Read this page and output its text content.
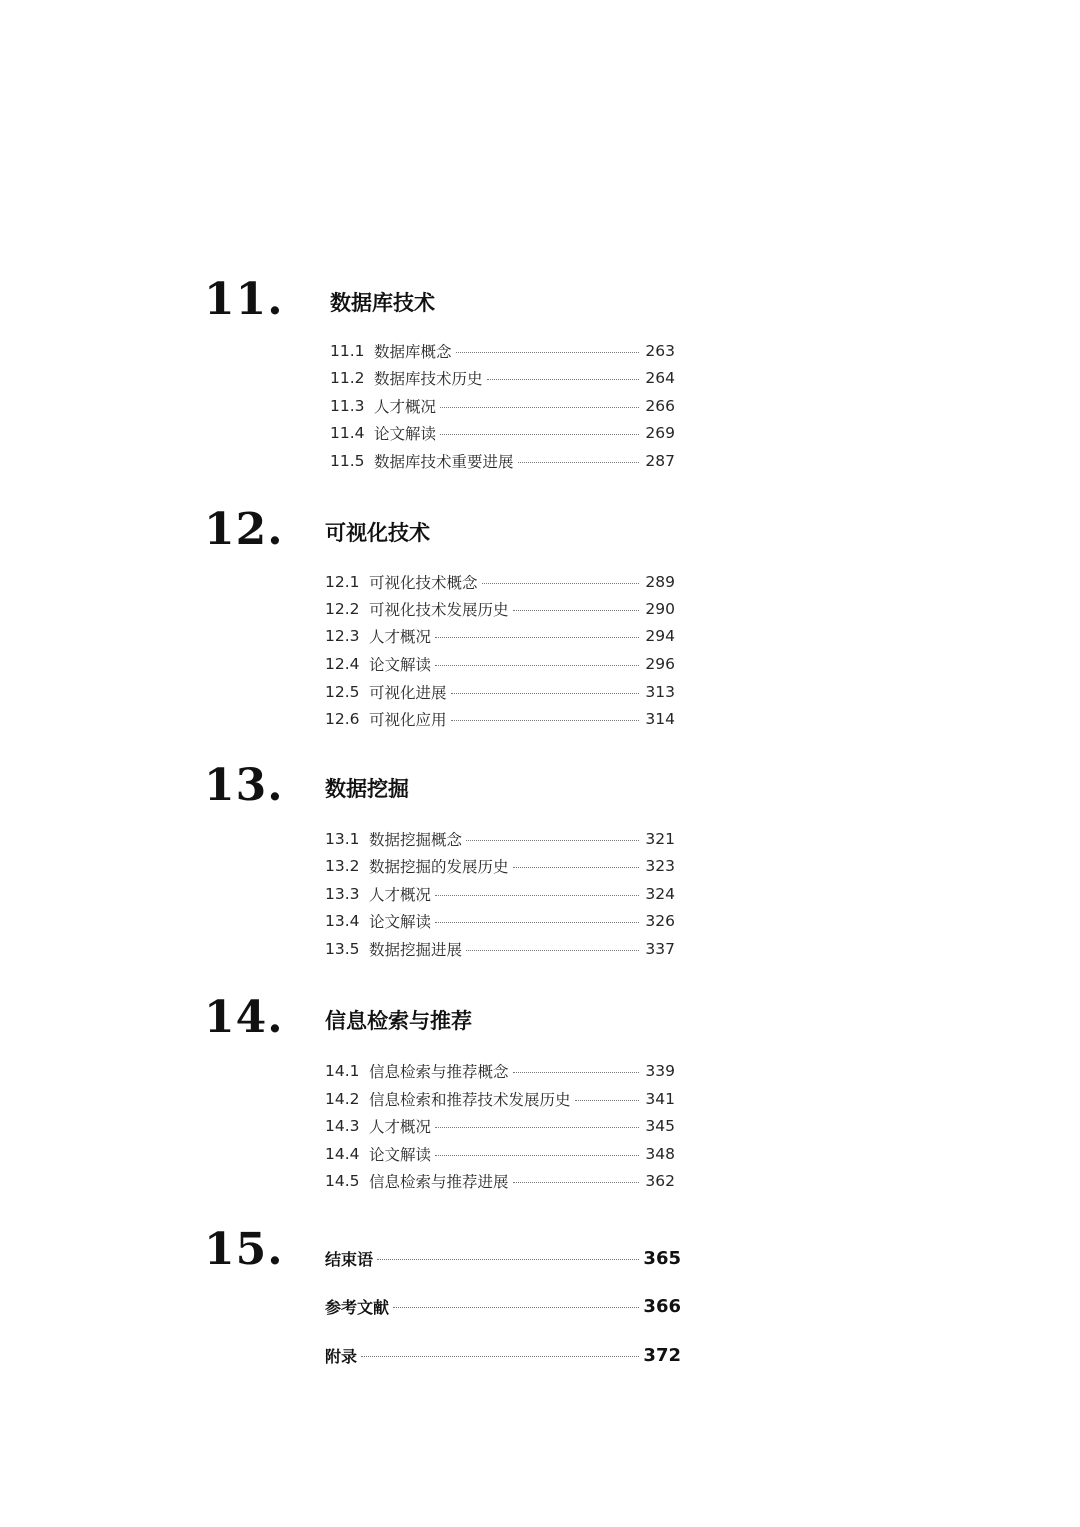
11. 数据库技术
11.1 数据库概念	263
11.2 数据库技术历史	264
11.3 人才概况	266
11.4 论文解读	269
11.5 数据库技术重要进展	287
12. 可视化技术
12.1 可视化技术概念	289
12.2 可视化技术发展历史	290
12.3 人才概况	294
12.4 论文解读	296
12.5 可视化进展	313
12.6 可视化应用	314
13. 数据挖掘
13.1 数据挖掘概念	321
13.2 数据挖掘的发展历史	323
13.3 人才概况	324
13.4 论文解读	326
13.5 数据挖掘进展	337
14. 信息检索与推荐
14.1 信息检索与推荐概念	339
14.2 信息检索和推荐技术发展历史	341
14.3 人才概况	345
14.4 论文解读	348
14.5 信息检索与推荐进展	362
15.	结束语	365
参考文献	366
附录	372
